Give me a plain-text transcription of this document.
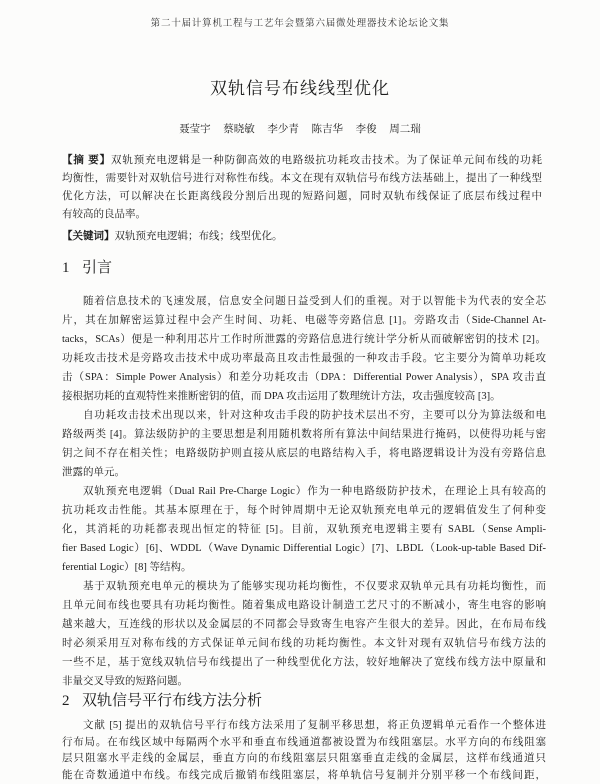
第二十届计算机工程与工艺年会暨第六届微处理器技术论坛论文集
双轨信号布线线型优化
聂莹宇 蔡晓敏 李少青 陈吉华 李俊 周二瑞
【摘 要】双轨预充电逻辑是一种防御高效的电路级抗功耗攻击技术。为了保证单元间布线的功耗
均衡性，需要针对双轨信号进行对称性布线。本文在现有双轨信号布线方法基础上，提出了一种线型
优化方法，可以解决在长距离线段分割后出现的短路问题，同时双轨布线保证了底层布线过程中
有较高的良品率。
【关键词】双轨预充电逻辑；布线；线型优化。
1 引言
随着信息技术的飞速发展，信息安全问题日益受到人们的重视。对于以智能卡为代表的安全芯
片，其在加解密运算过程中会产生时间、功耗、电磁等旁路信息 [1]。旁路攻击（Side-Channel At-
tacks，SCAs）便是一种利用芯片工作时所泄露的旁路信息进行统计学分析从而破解密钥的技术 [2]。
功耗攻击技术是旁路攻击技术中成功率最高且攻击性最强的一种攻击手段。它主要分为简单功耗攻
击（SPA：Simple Power Analysis）和差分功耗攻击（DPA：Differential Power Analysis），SPA 攻击直
接根据功耗的直观特性来推断密钥的值，而 DPA 攻击运用了数理统计方法，攻击强度较高 [3]。
自功耗攻击技术出现以来，针对这种攻击手段的防护技术层出不穷，主要可以分为算法级和电
路级两类 [4]。算法级防护的主要思想是利用随机数将所有算法中间结果进行掩码，以使得功耗与密
钥之间不存在相关性；电路级防护则直接从底层的电路结构入手，将电路逻辑设计为没有旁路信息
泄露的单元。
双轨预充电逻辑（Dual Rail Pre-Charge Logic）作为一种电路级防护技术，在理论上具有较高的
抗功耗攻击性能。其基本原理在于，每个时钟周期中无论双轨预充电单元的逻辑值发生了何种变
化，其消耗的功耗都表现出恒定的特征 [5]。目前，双轨预充电逻辑主要有 SABL（Sense Ampli-
fier Based Logic）[6]、WDDL（Wave Dynamic Differential Logic）[7]、LBDL（Look-up-table Based Dif-
ferential Logic）[8] 等结构。
基于双轨预充电单元的模块为了能够实现功耗均衡性，不仅要求双轨单元具有功耗均衡性，而
且单元间布线也要具有功耗均衡性。随着集成电路设计制造工艺尺寸的不断减小，寄生电容的影响
越来越大，互连线的形状以及金属层的不同都会导致寄生电容产生很大的差异。因此，在布局布线
时必须采用互对称布线的方式保证单元间布线的功耗均衡性。本文针对现有双轨信号布线方法的
一些不足，基于宽线双轨信号布线提出了一种线型优化方法，较好地解决了宽线布线方法中原量和
非量交叉导致的短路问题。
2 双轨信号平行布线方法分析
文献 [5] 提出的双轨信号平行布线方法采用了复制平移思想，将正负逻辑单元看作一个整体进
行布局。在布线区域中每隔两个水平和垂直布线通道都被设置为布线阻塞层。水平方向的布线阻塞
层只阻塞水平走线的金属层，垂直方向的布线阻塞层只阻塞垂直走线的金属层，这样布线通道只
能在奇数通道中布线。布线完成后撤销布线阻塞层，将单轨信号复制并分别平移一个布线间距，
